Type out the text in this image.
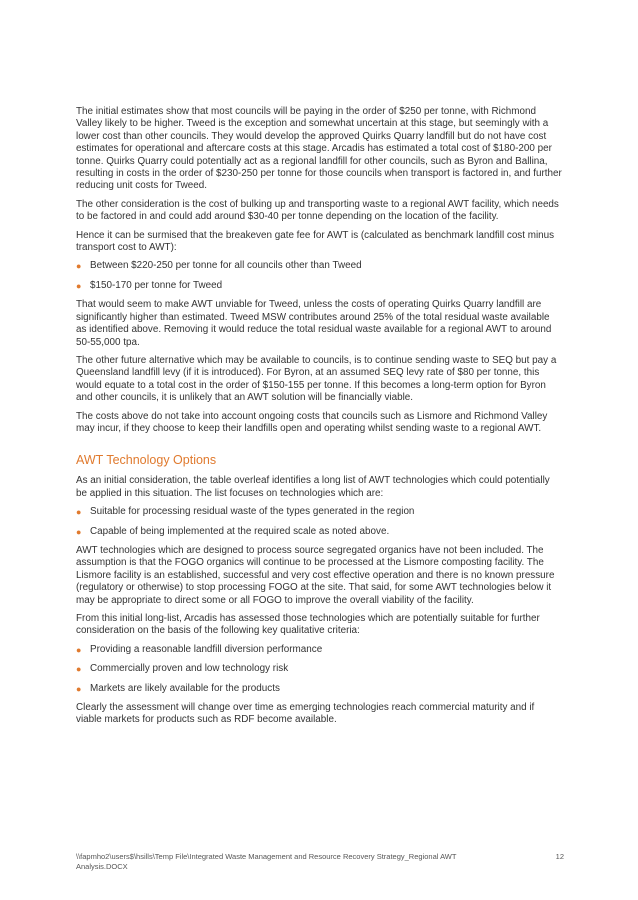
The initial estimates show that most councils will be paying in the order of $250 per tonne, with Richmond Valley likely to be higher. Tweed is the exception and somewhat uncertain at this stage, but seemingly with a lower cost than other councils. They would develop the approved Quirks Quarry landfill but do not have cost estimates for operational and aftercare costs at this stage. Arcadis has estimated a total cost of $180-200 per tonne. Quirks Quarry could potentially act as a regional landfill for other councils, such as Byron and Ballina, resulting in costs in the order of $230-250 per tonne for those councils when transport is factored in, and further reducing unit costs for Tweed.

The other consideration is the cost of bulking up and transporting waste to a regional AWT facility, which needs to be factored in and could add around $30-40 per tonne depending on the location of the facility.

Hence it can be surmised that the breakeven gate fee for AWT is (calculated as benchmark landfill cost minus transport cost to AWT):

● Between $220-250 per tonne for all councils other than Tweed
● $150-170 per tonne for Tweed

That would seem to make AWT unviable for Tweed, unless the costs of operating Quirks Quarry landfill are significantly higher than estimated. Tweed MSW contributes around 25% of the total residual waste available as identified above. Removing it would reduce the total residual waste available for a regional AWT to around 50-55,000 tpa.

The other future alternative which may be available to councils, is to continue sending waste to SEQ but pay a Queensland landfill levy (if it is introduced). For Byron, at an assumed SEQ levy rate of $80 per tonne, this would equate to a total cost in the order of $150-155 per tonne. If this becomes a long-term option for Byron and other councils, it is unlikely that an AWT solution will be financially viable.

The costs above do not take into account ongoing costs that councils such as Lismore and Richmond Valley may incur, if they choose to keep their landfills open and operating whilst sending waste to a regional AWT.

AWT Technology Options

As an initial consideration, the table overleaf identifies a long list of AWT technologies which could potentially be applied in this situation. The list focuses on technologies which are:

● Suitable for processing residual waste of the types generated in the region
● Capable of being implemented at the required scale as noted above.

AWT technologies which are designed to process source segregated organics have not been included. The assumption is that the FOGO organics will continue to be processed at the Lismore composting facility. The Lismore facility is an established, successful and very cost effective operation and there is no known pressure (regulatory or otherwise) to stop processing FOGO at the site. That said, for some AWT technologies below it may be appropriate to direct some or all FOGO to improve the overall viability of the facility.

From this initial long-list, Arcadis has assessed those technologies which are potentially suitable for further consideration on the basis of the following key qualitative criteria:

● Providing a reasonable landfill diversion performance
● Commercially proven and low technology risk
● Markets are likely available for the products

Clearly the assessment will change over time as emerging technologies reach commercial maturity and if viable markets for products such as RDF become available.

\\fapmho2\users$\hsills\Temp File\Integrated Waste Management and Resource Recovery Strategy_Regional AWT Analysis.DOCX
12
